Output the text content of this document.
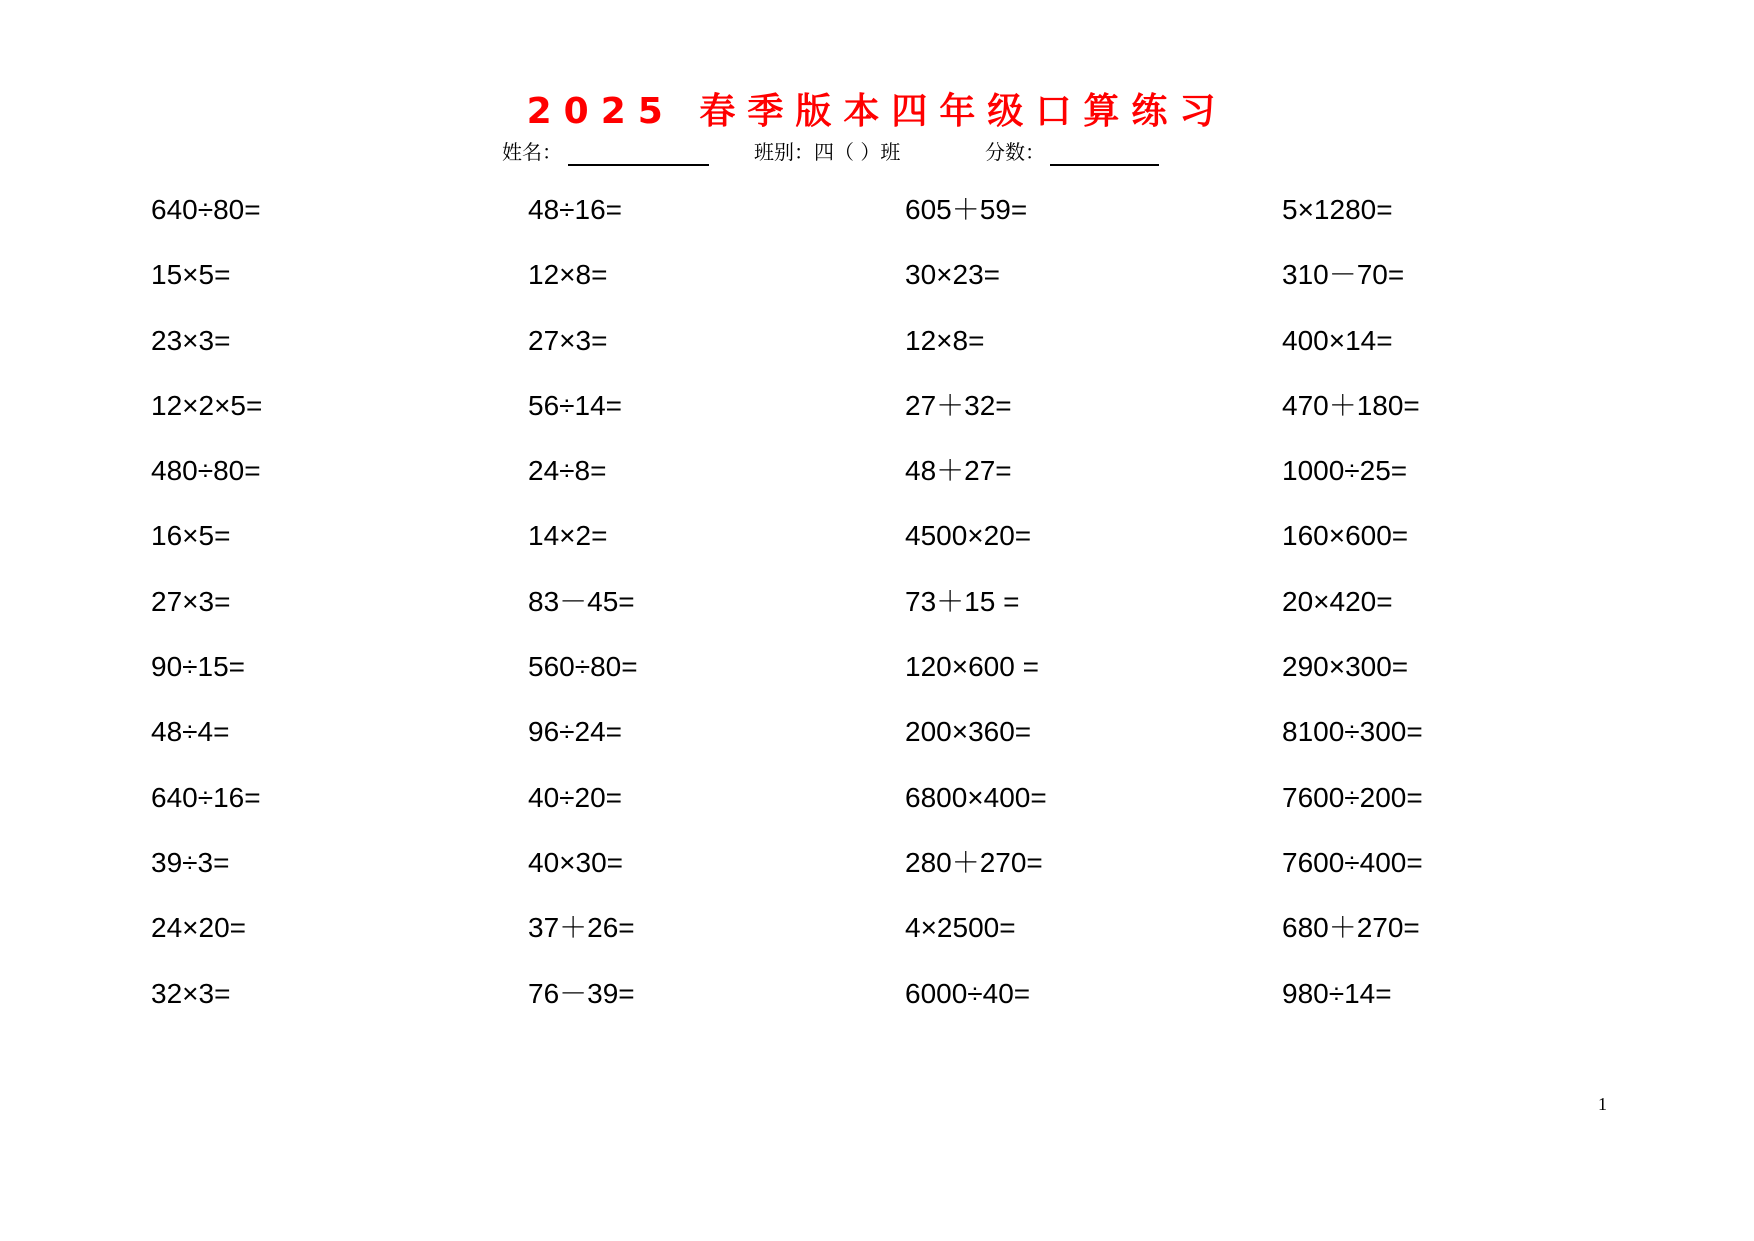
2025 春季版本四年级口算练习
姓名：	班别：四（ ）班	分数：
640÷80=	48÷16=	605＋59=	5×1280=
15×5=	12×8=	30×23=	310－70=
23×3=	27×3=	12×8=	400×14=
12×2×5=	56÷14=	27＋32=	470＋180=
480÷80=	24÷8=	48＋27=	1000÷25=
16×5=	14×2=	4500×20=	160×600=
27×3=	83－45=	73＋15 =	20×420=
90÷15=	560÷80=	120×600 =	290×300=
48÷4=	96÷24=	200×360=	8100÷300=
640÷16=	40÷20=	6800×400=	7600÷200=
39÷3=	40×30=	280＋270=	7600÷400=
24×20=	37＋26=	4×2500=	680＋270=
32×3=	76－39=	6000÷40=	980÷14=
1
